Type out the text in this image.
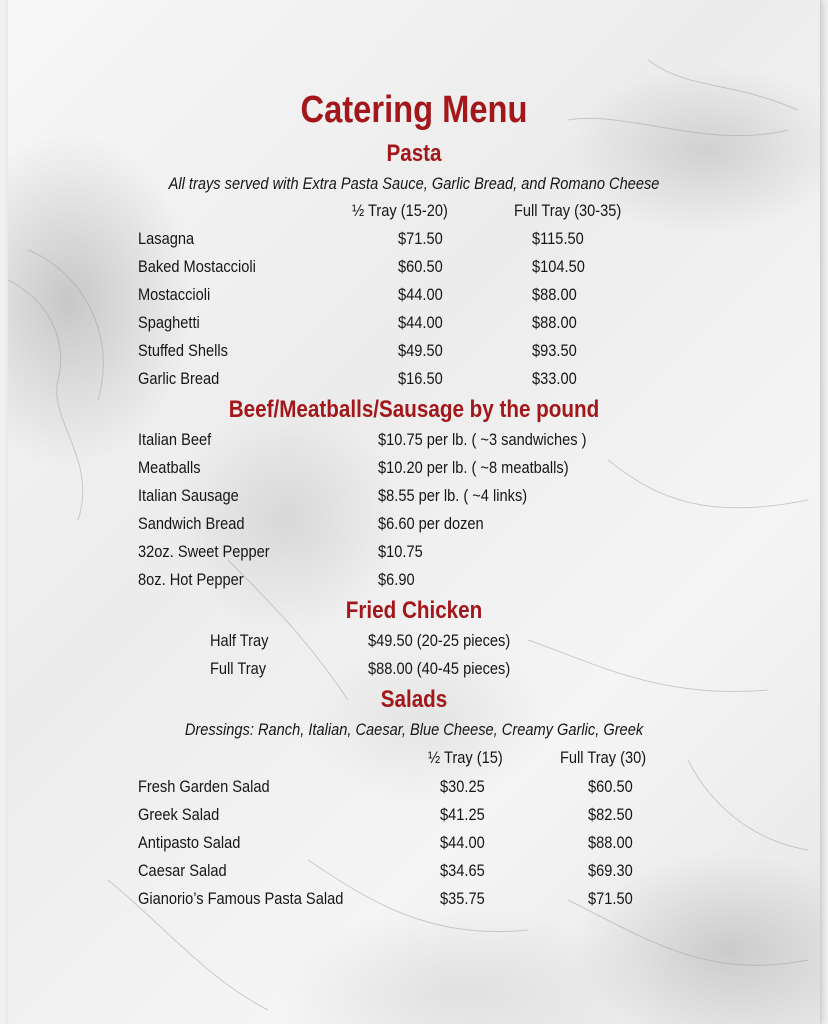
Catering Menu
Pasta
All trays served with Extra Pasta Sauce, Garlic Bread, and Romano Cheese
½ Tray (15-20)	Full Tray (30-35)
Lasagna	$71.50	$115.50
Baked Mostaccioli	$60.50	$104.50
Mostaccioli	$44.00	$88.00
Spaghetti	$44.00	$88.00
Stuffed Shells	$49.50	$93.50
Garlic Bread	$16.50	$33.00
Beef/Meatballs/Sausage by the pound
Italian Beef	$10.75 per lb. ( ~3 sandwiches )
Meatballs	$10.20 per lb. ( ~8 meatballs)
Italian Sausage	$8.55 per lb. ( ~4 links)
Sandwich Bread	$6.60 per dozen
32oz. Sweet Pepper	$10.75
8oz. Hot Pepper	$6.90
Fried Chicken
Half Tray	$49.50 (20-25 pieces)
Full Tray	$88.00 (40-45 pieces)
Salads
Dressings: Ranch, Italian, Caesar, Blue Cheese, Creamy Garlic, Greek
½ Tray (15)	Full Tray (30)
Fresh Garden Salad	$30.25	$60.50
Greek Salad	$41.25	$82.50
Antipasto Salad	$44.00	$88.00
Caesar Salad	$34.65	$69.30
Gianorio’s Famous Pasta Salad	$35.75	$71.50
